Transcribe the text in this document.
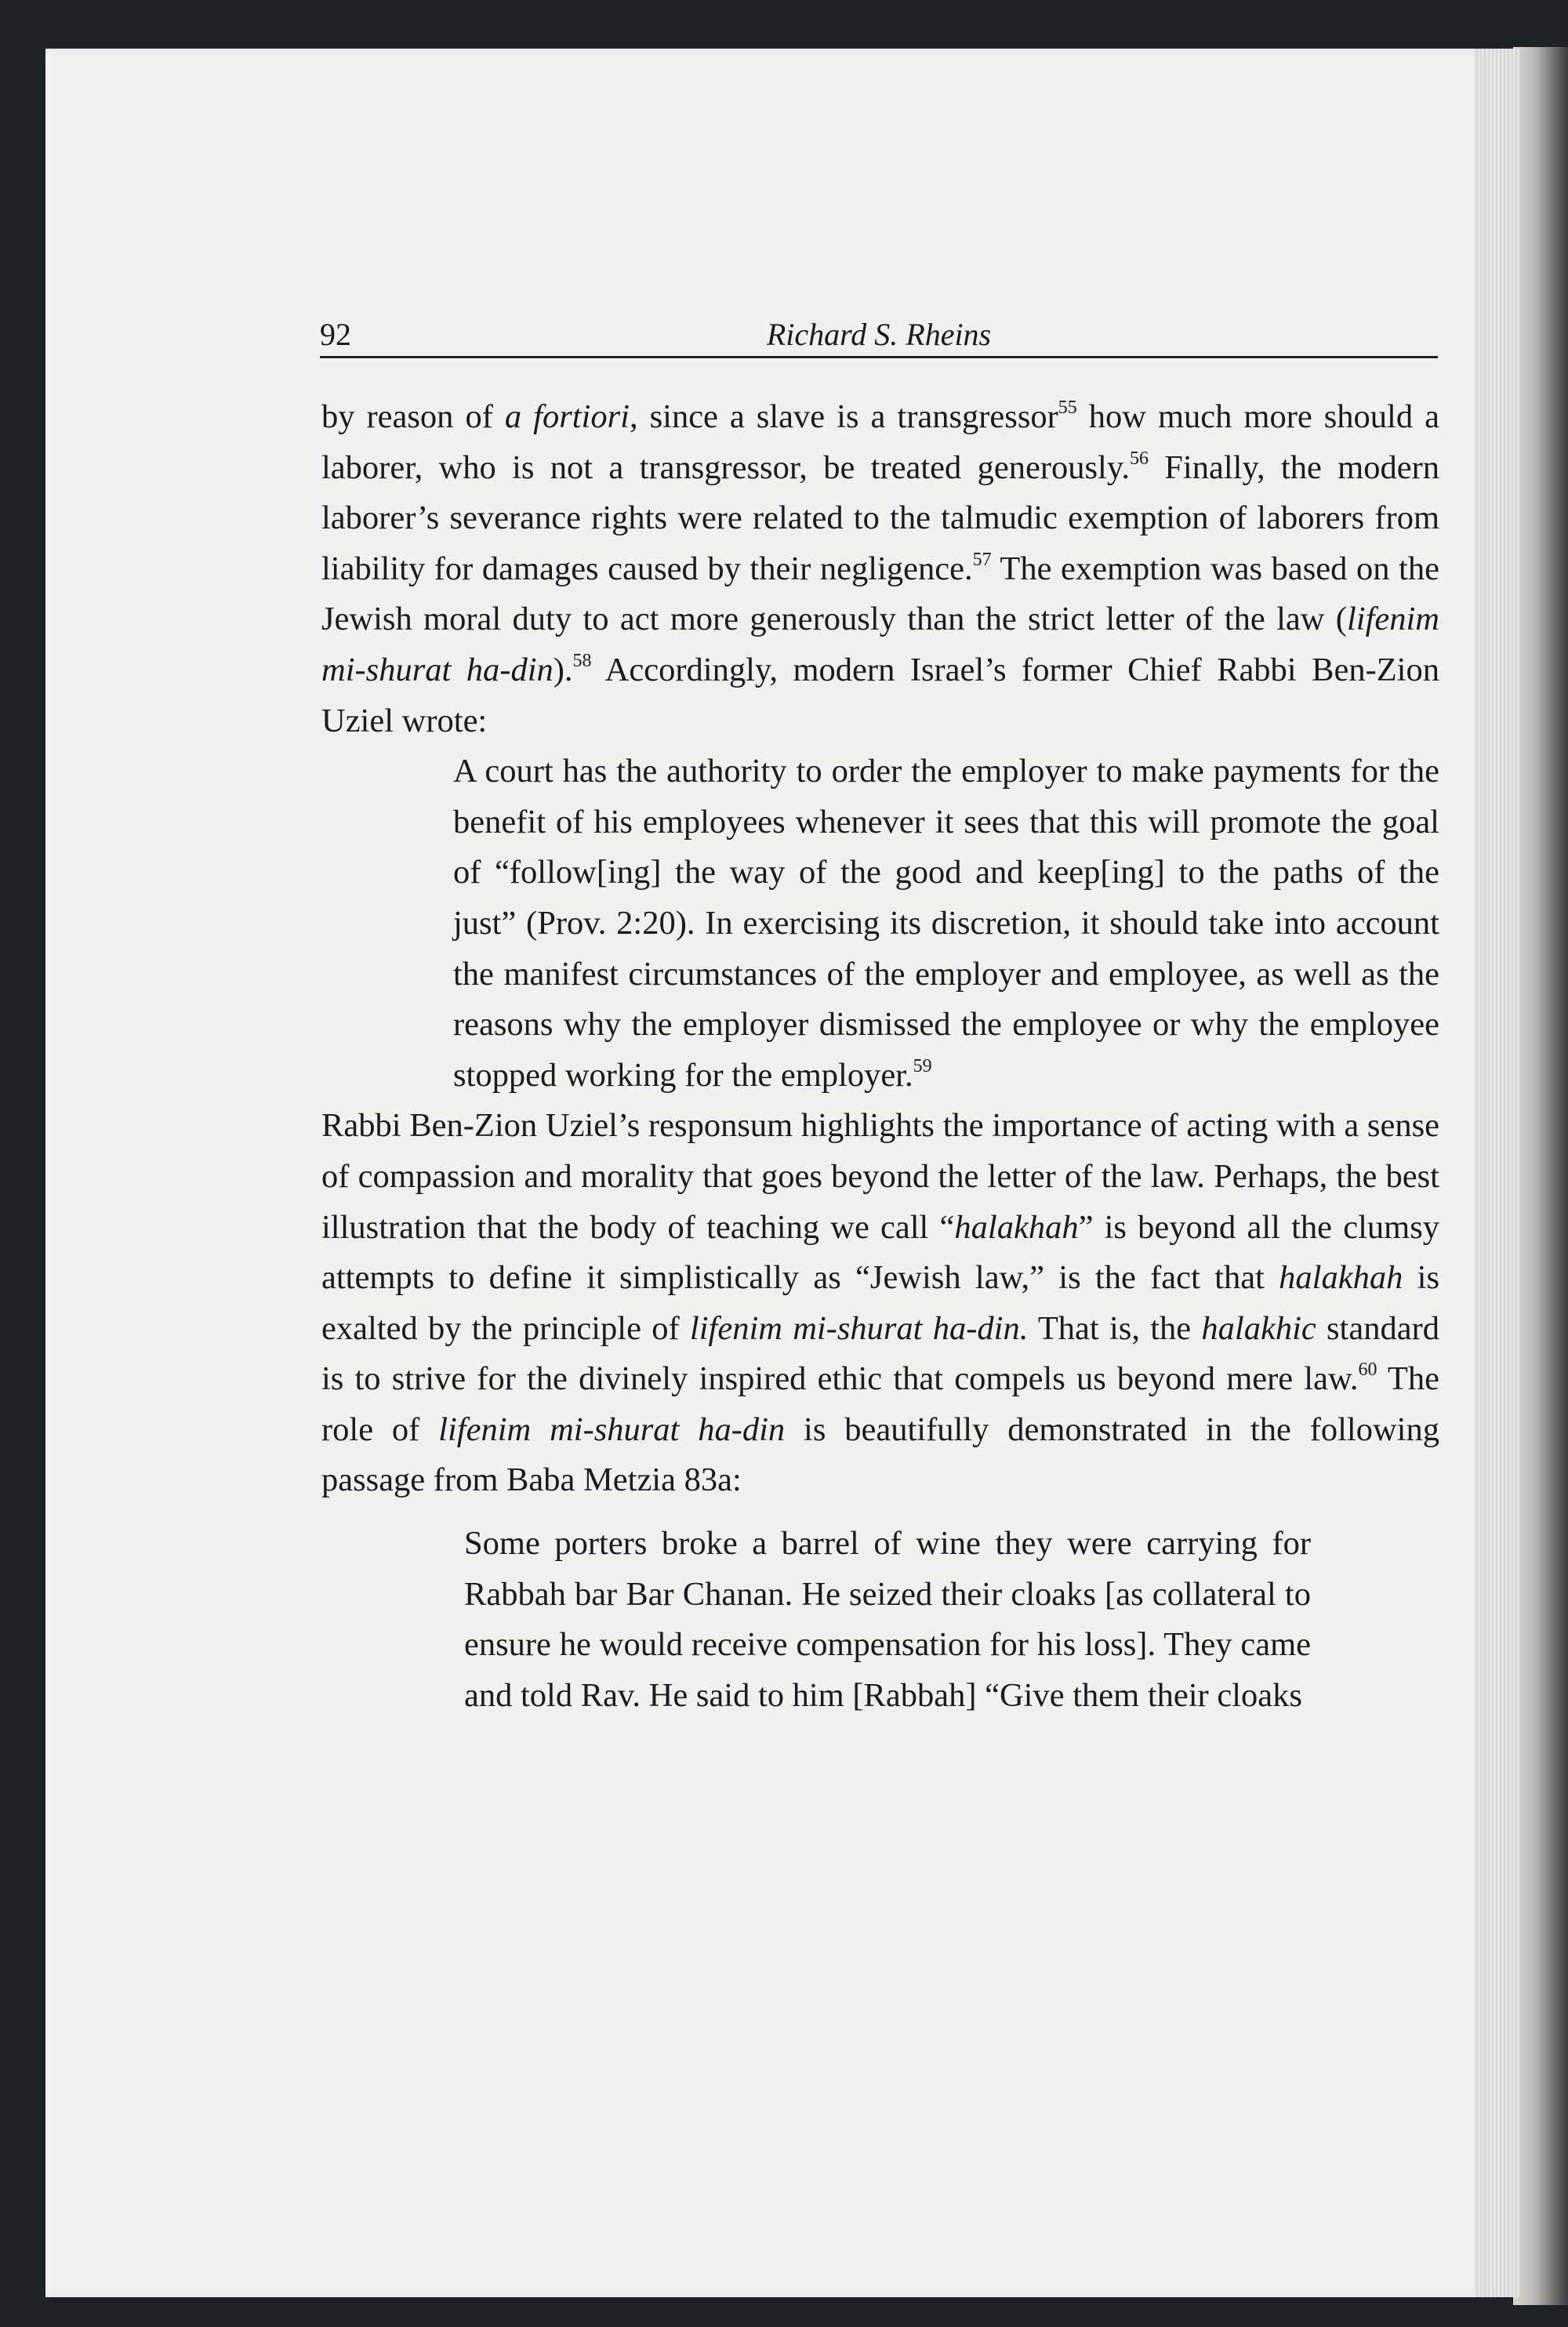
92	Richard S. Rheins

by reason of a fortiori, since a slave is a transgressor$^{55}$ how much more should a laborer, who is not a transgressor, be treated generously.$^{56}$ Finally, the modern laborer’s severance rights were related to the talmudic exemption of laborers from liability for damages caused by their negligence.$^{57}$ The exemption was based on the Jewish moral duty to act more generously than the strict letter of the law (lifenim mi-shurat ha-din).$^{58}$ Accordingly, modern Israel’s former Chief Rabbi Ben-Zion Uziel wrote:

A court has the authority to order the employer to make payments for the benefit of his employees whenever it sees that this will promote the goal of “follow[ing] the way of the good and keep[ing] to the paths of the just” (Prov. 2:20). In exercising its discretion, it should take into account the manifest circumstances of the employer and employee, as well as the reasons why the employer dismissed the employee or why the employee stopped working for the employer.$^{59}$

Rabbi Ben-Zion Uziel’s responsum highlights the importance of acting with a sense of compassion and morality that goes beyond the letter of the law. Perhaps, the best illustration that the body of teaching we call “halakhah” is beyond all the clumsy attempts to define it simplistically as “Jewish law,” is the fact that halakhah is exalted by the principle of lifenim mi-shurat ha-din. That is, the halakhic standard is to strive for the divinely inspired ethic that compels us beyond mere law.$^{60}$ The role of lifenim mi-shurat ha-din is beautifully demonstrated in the following passage from Baba Metzia 83a:

Some porters broke a barrel of wine they were carrying for Rabbah bar Bar Chanan. He seized their cloaks [as collateral to ensure he would receive compensation for his loss]. They came and told Rav. He said to him [Rabbah] “Give them their cloaks
